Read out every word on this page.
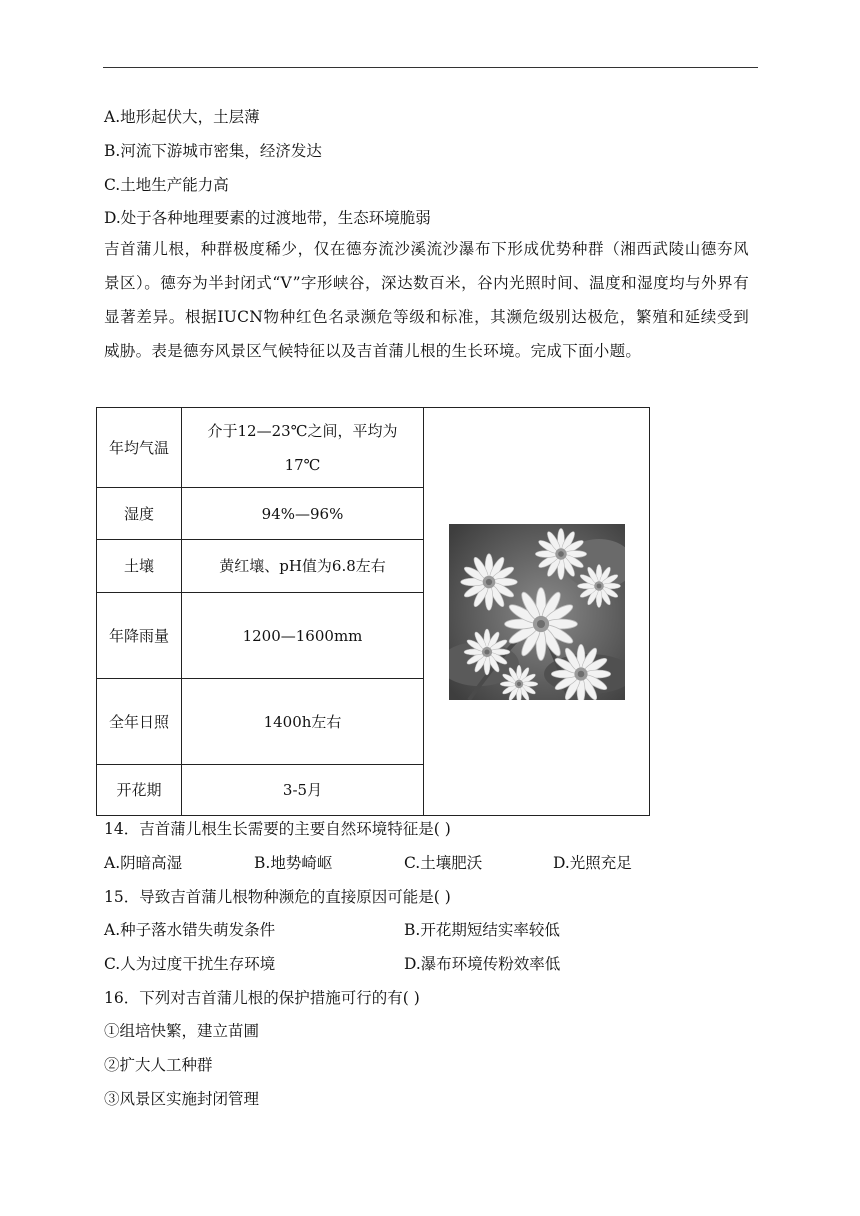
A.地形起伏大，土层薄
B.河流下游城市密集，经济发达
C.土地生产能力高
D.处于各种地理要素的过渡地带，生态环境脆弱
吉首蒲儿根，种群极度稀少，仅在德夯流沙溪流沙瀑布下形成优势种群（湘西武陵山德夯风景区）。德夯为半封闭式“V”字形峡谷，深达数百米，谷内光照时间、温度和湿度均与外界有显著差异。根据IUCN物种红色名录濒危等级和标准，其濒危级别达极危，繁殖和延续受到威胁。表是德夯风景区气候特征以及吉首蒲儿根的生长环境。完成下面小题。
年均气温	介于12—23℃之间，平均为17℃	

湿度	94%—96%	
土壤	黄红壤、pH值为6.8左右	
年降雨量	1200—1600mm	
全年日照	1400h左右	
开花期	3-5月	
14．吉首蒲儿根生长需要的主要自然环境特征是( )
A.阴暗高湿	B.地势崎岖	C.土壤肥沃	D.光照充足
15．导致吉首蒲儿根物种濒危的直接原因可能是( )
A.种子落水错失萌发条件	B.开花期短结实率较低
C.人为过度干扰生存环境	D.瀑布环境传粉效率低
16．下列对吉首蒲儿根的保护措施可行的有( )
①组培快繁，建立苗圃
②扩大人工种群
③风景区实施封闭管理
